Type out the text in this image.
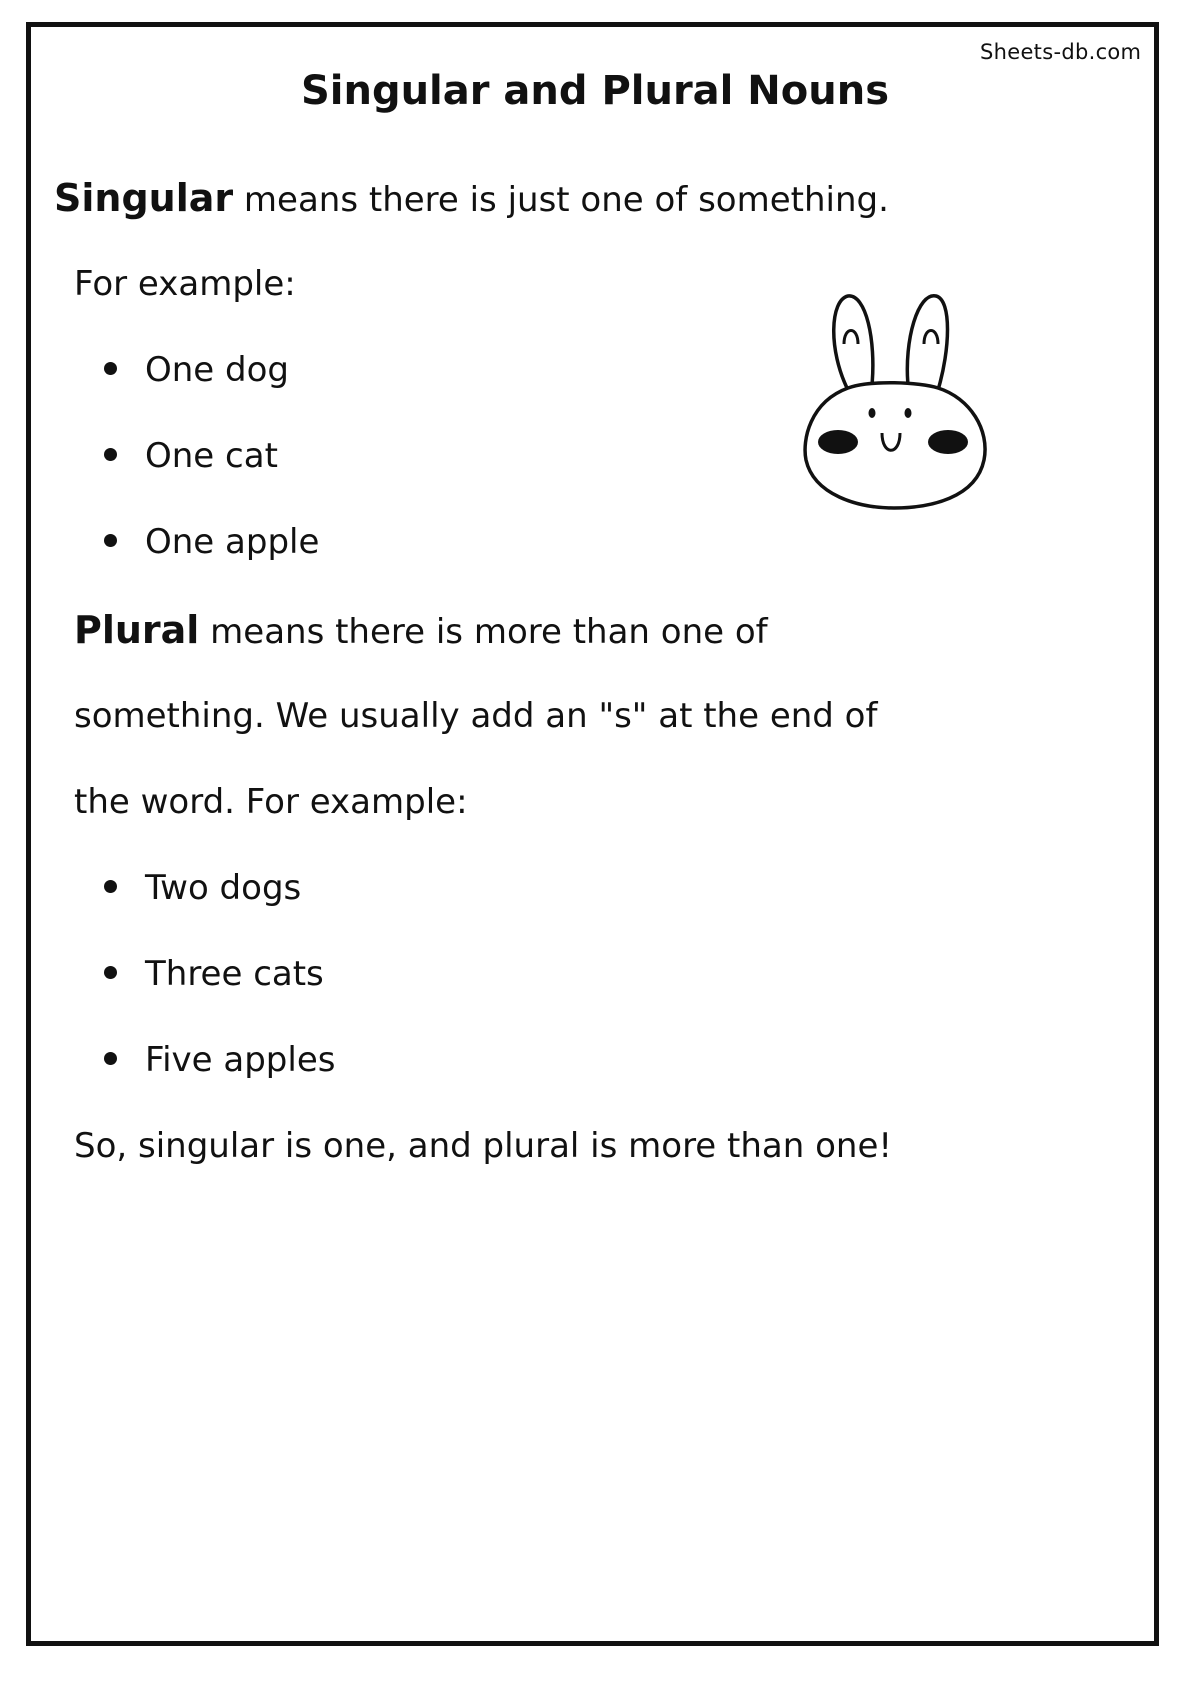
Sheets-db.com
Singular and Plural Nouns

Singular means there is just one of something.

For example:

One dog

One cat

One apple

Plural means there is more than one of

something. We usually add an "s" at the end of

the word. For example:

Two dogs

Three cats

Five apples

So, singular is one, and plural is more than one!
